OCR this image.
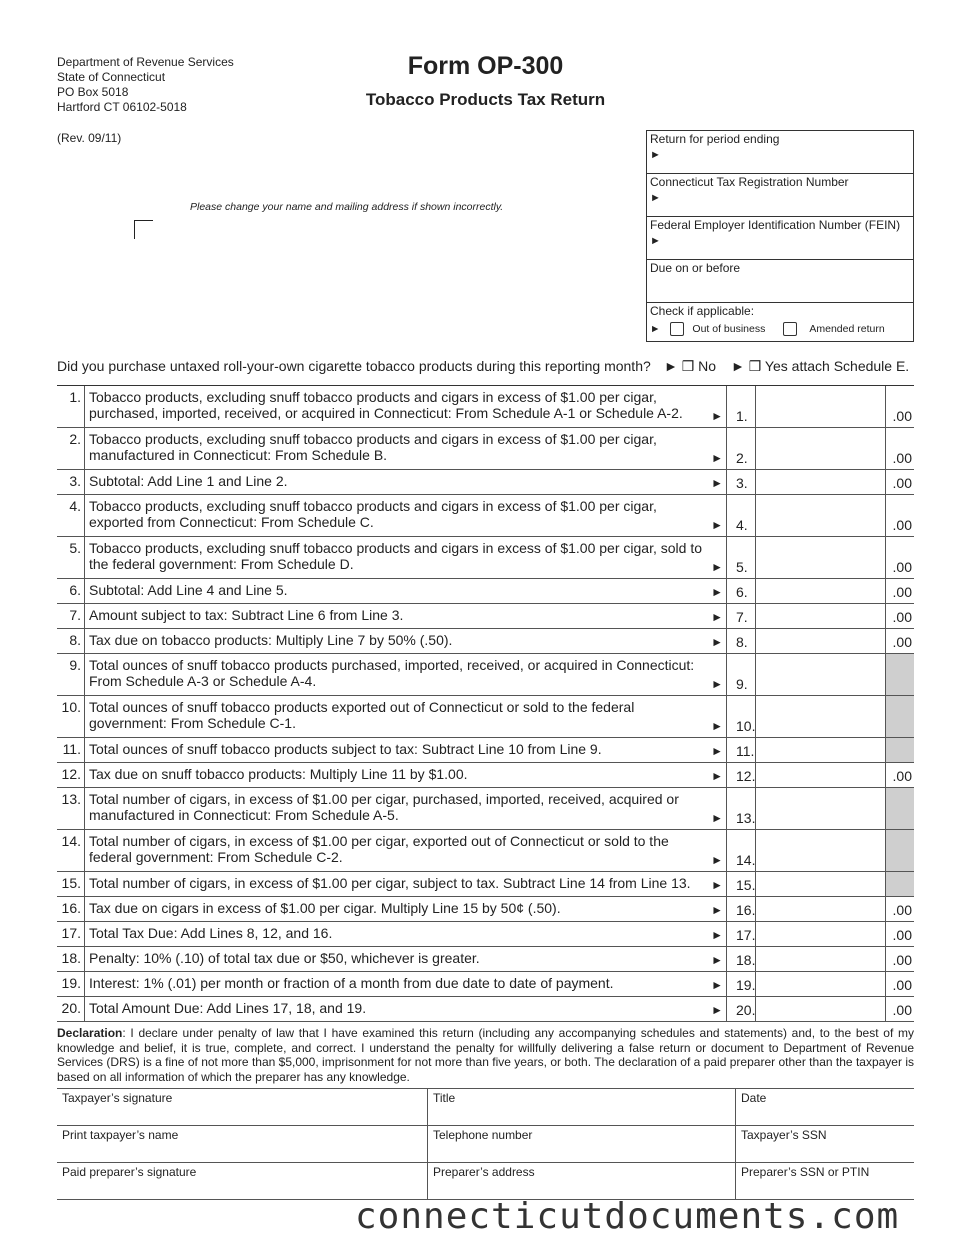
Department of Revenue Services
State of Connecticut
PO Box 5018
Hartford CT 06102-5018
Form OP-300
Tobacco Products Tax Return
(Rev. 09/11)
Please change your name and mailing address if shown incorrectly.
Return for period ending
►
Connecticut Tax Registration Number
►
Federal Employer Identification Number (FEIN)
►
Due on or before
Check if applicable:
►	Out of business	Amended return
Did you purchase untaxed roll-your-own cigarette tobacco products during this reporting month? ► ❒ No ► ❒ Yes attach Schedule E.
1. Tobacco products, excluding snuff tobacco products and cigars in excess of $1.00 per cigar, purchased, imported, received, or acquired in Connecticut: From Schedule A-1 or Schedule A-2.	► 1.	.00
2. Tobacco products, excluding snuff tobacco products and cigars in excess of $1.00 per cigar, manufactured in Connecticut: From Schedule B.	► 2.	.00
3. Subtotal: Add Line 1 and Line 2.	► 3.	.00
4. Tobacco products, excluding snuff tobacco products and cigars in excess of $1.00 per cigar, exported from Connecticut: From Schedule C.	► 4.	.00
5. Tobacco products, excluding snuff tobacco products and cigars in excess of $1.00 per cigar, sold to the federal government: From Schedule D.	► 5.	.00
6. Subtotal: Add Line 4 and Line 5.	► 6.	.00
7. Amount subject to tax: Subtract Line 6 from Line 3.	► 7.	.00
8. Tax due on tobacco products: Multiply Line 7 by 50% (.50).	► 8.	.00
9. Total ounces of snuff tobacco products purchased, imported, received, or acquired in Connecticut: From Schedule A-3 or Schedule A-4.	► 9.
10. Total ounces of snuff tobacco products exported out of Connecticut or sold to the federal government: From Schedule C-1.	► 10.
11. Total ounces of snuff tobacco products subject to tax: Subtract Line 10 from Line 9.	► 11.
12. Tax due on snuff tobacco products: Multiply Line 11 by $1.00.	► 12.	.00
13. Total number of cigars, in excess of $1.00 per cigar, purchased, imported, received, acquired or manufactured in Connecticut: From Schedule A-5.	► 13.
14. Total number of cigars, in excess of $1.00 per cigar, exported out of Connecticut or sold to the federal government: From Schedule C-2.	► 14.
15. Total number of cigars, in excess of $1.00 per cigar, subject to tax. Subtract Line 14 from Line 13.	► 15.
16. Tax due on cigars in excess of $1.00 per cigar. Multiply Line 15 by 50¢ (.50).	► 16.	.00
17. Total Tax Due: Add Lines 8, 12, and 16.	► 17.	.00
18. Penalty: 10% (.10) of total tax due or $50, whichever is greater.	► 18.	.00
19. Interest: 1% (.01) per month or fraction of a month from due date to date of payment.	► 19.	.00
20. Total Amount Due: Add Lines 17, 18, and 19.	► 20.	.00
Declaration: I declare under penalty of law that I have examined this return (including any accompanying schedules and statements) and, to the best of my knowledge and belief, it is true, complete, and correct. I understand the penalty for willfully delivering a false return or document to Department of Revenue Services (DRS) is a fine of not more than $5,000, imprisonment for not more than five years, or both. The declaration of a paid preparer other than the taxpayer is based on all information of which the preparer has any knowledge.
Taxpayer’s signature	Title	Date
Print taxpayer’s name	Telephone number	Taxpayer’s SSN
Paid preparer’s signature	Preparer’s address	Preparer’s SSN or PTIN
connecticutdocuments.com
